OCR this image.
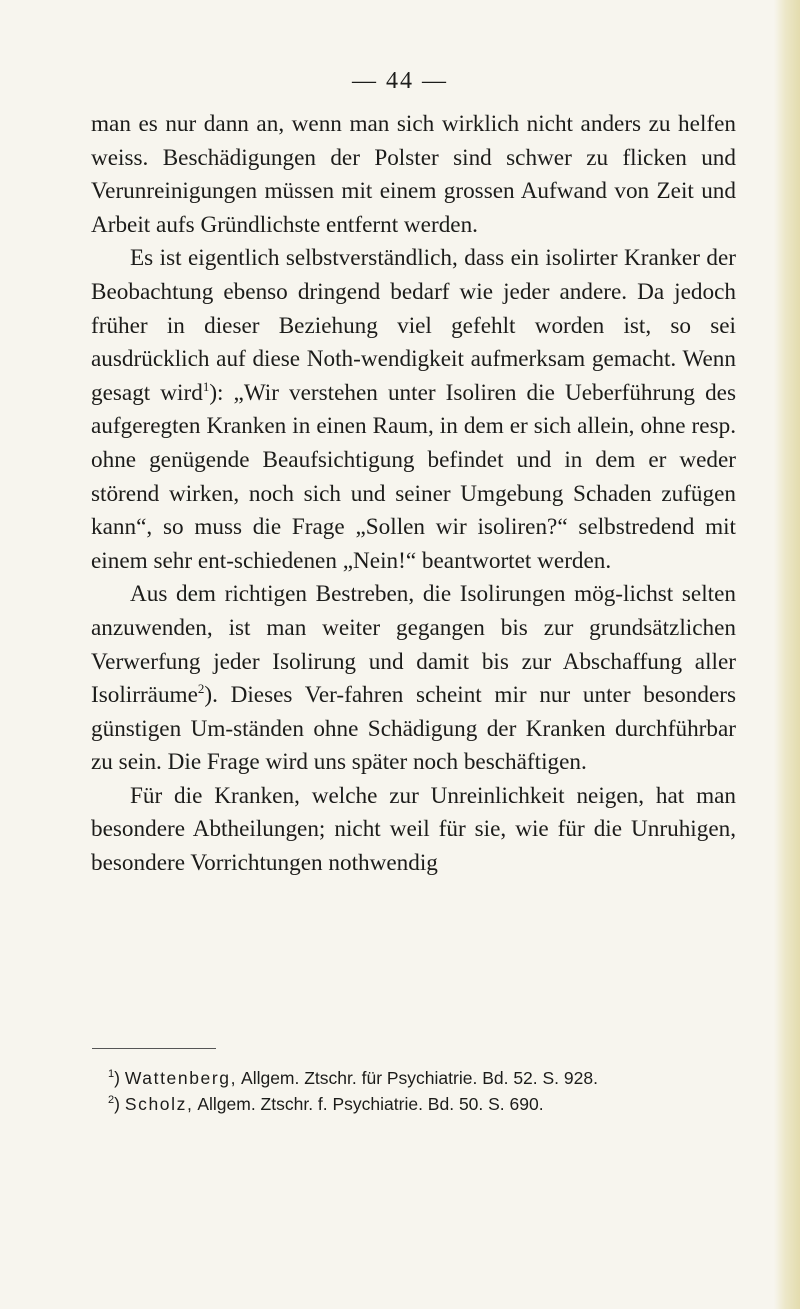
— 44 —

man es nur dann an, wenn man sich wirklich nicht anders zu helfen weiss. Beschädigungen der Polster sind schwer zu flicken und Verunreinigungen müssen mit einem grossen Aufwand von Zeit und Arbeit aufs Gründlichste entfernt werden.

Es ist eigentlich selbstverständlich, dass ein isolirter Kranker der Beobachtung ebenso dringend bedarf wie jeder andere. Da jedoch früher in dieser Beziehung viel gefehlt worden ist, so sei ausdrücklich auf diese Noth-wendigkeit aufmerksam gemacht. Wenn gesagt wird$^1$): „Wir verstehen unter Isoliren die Ueberführung des aufgeregten Kranken in einen Raum, in dem er sich allein, ohne resp. ohne genügende Beaufsichtigung befindet und in dem er weder störend wirken, noch sich und seiner Umgebung Schaden zufügen kann“, so muss die Frage „Sollen wir isoliren?“ selbstredend mit einem sehr ent-schiedenen „Nein!“ beantwortet werden.

Aus dem richtigen Bestreben, die Isolirungen mög-lichst selten anzuwenden, ist man weiter gegangen bis zur grundsätzlichen Verwerfung jeder Isolirung und damit bis zur Abschaffung aller Isolirräume$^2$). Dieses Ver-fahren scheint mir nur unter besonders günstigen Um-ständen ohne Schädigung der Kranken durchführbar zu sein. Die Frage wird uns später noch beschäftigen.

Für die Kranken, welche zur Unreinlichkeit neigen, hat man besondere Abtheilungen; nicht weil für sie, wie für die Unruhigen, besondere Vorrichtungen nothwendig

$^1$) Wattenberg, Allgem. Ztschr. für Psychiatrie. Bd. 52. S. 928.

$^2$) Scholz, Allgem. Ztschr. f. Psychiatrie. Bd. 50. S. 690.
